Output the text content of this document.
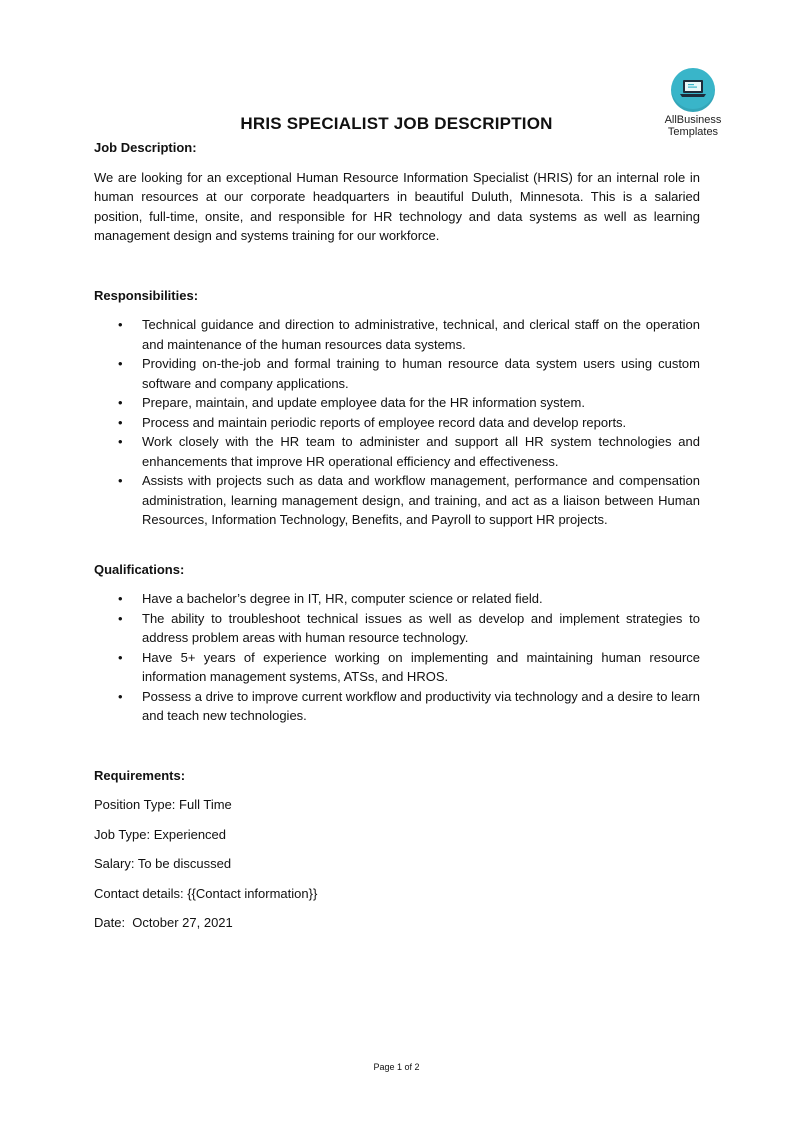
AllBusiness
Templates
HRIS SPECIALIST JOB DESCRIPTION

Job Description:

We are looking for an exceptional Human Resource Information Specialist (HRIS) for an internal role in human resources at our corporate headquarters in beautiful Duluth, Minnesota. This is a salaried position, full-time, onsite, and responsible for HR technology and data systems as well as learning management design and systems training for our workforce.

Responsibilities:

• Technical guidance and direction to administrative, technical, and clerical staff on the operation and maintenance of the human resources data systems.
• Providing on-the-job and formal training to human resource data system users using custom software and company applications.
• Prepare, maintain, and update employee data for the HR information system.
• Process and maintain periodic reports of employee record data and develop reports.
• Work closely with the HR team to administer and support all HR system technologies and enhancements that improve HR operational efficiency and effectiveness.
• Assists with projects such as data and workflow management, performance and compensation administration, learning management design, and training, and act as a liaison between Human Resources, Information Technology, Benefits, and Payroll to support HR projects.

Qualifications:

• Have a bachelor’s degree in IT, HR, computer science or related field.
• The ability to troubleshoot technical issues as well as develop and implement strategies to address problem areas with human resource technology.
• Have 5+ years of experience working on implementing and maintaining human resource information management systems, ATSs, and HROS.
• Possess a drive to improve current workflow and productivity via technology and a desire to learn and teach new technologies.

Requirements:

Position Type: Full Time

Job Type: Experienced

Salary: To be discussed

Contact details: {{Contact information}}

Date:  October 27, 2021

Page 1 of 2
